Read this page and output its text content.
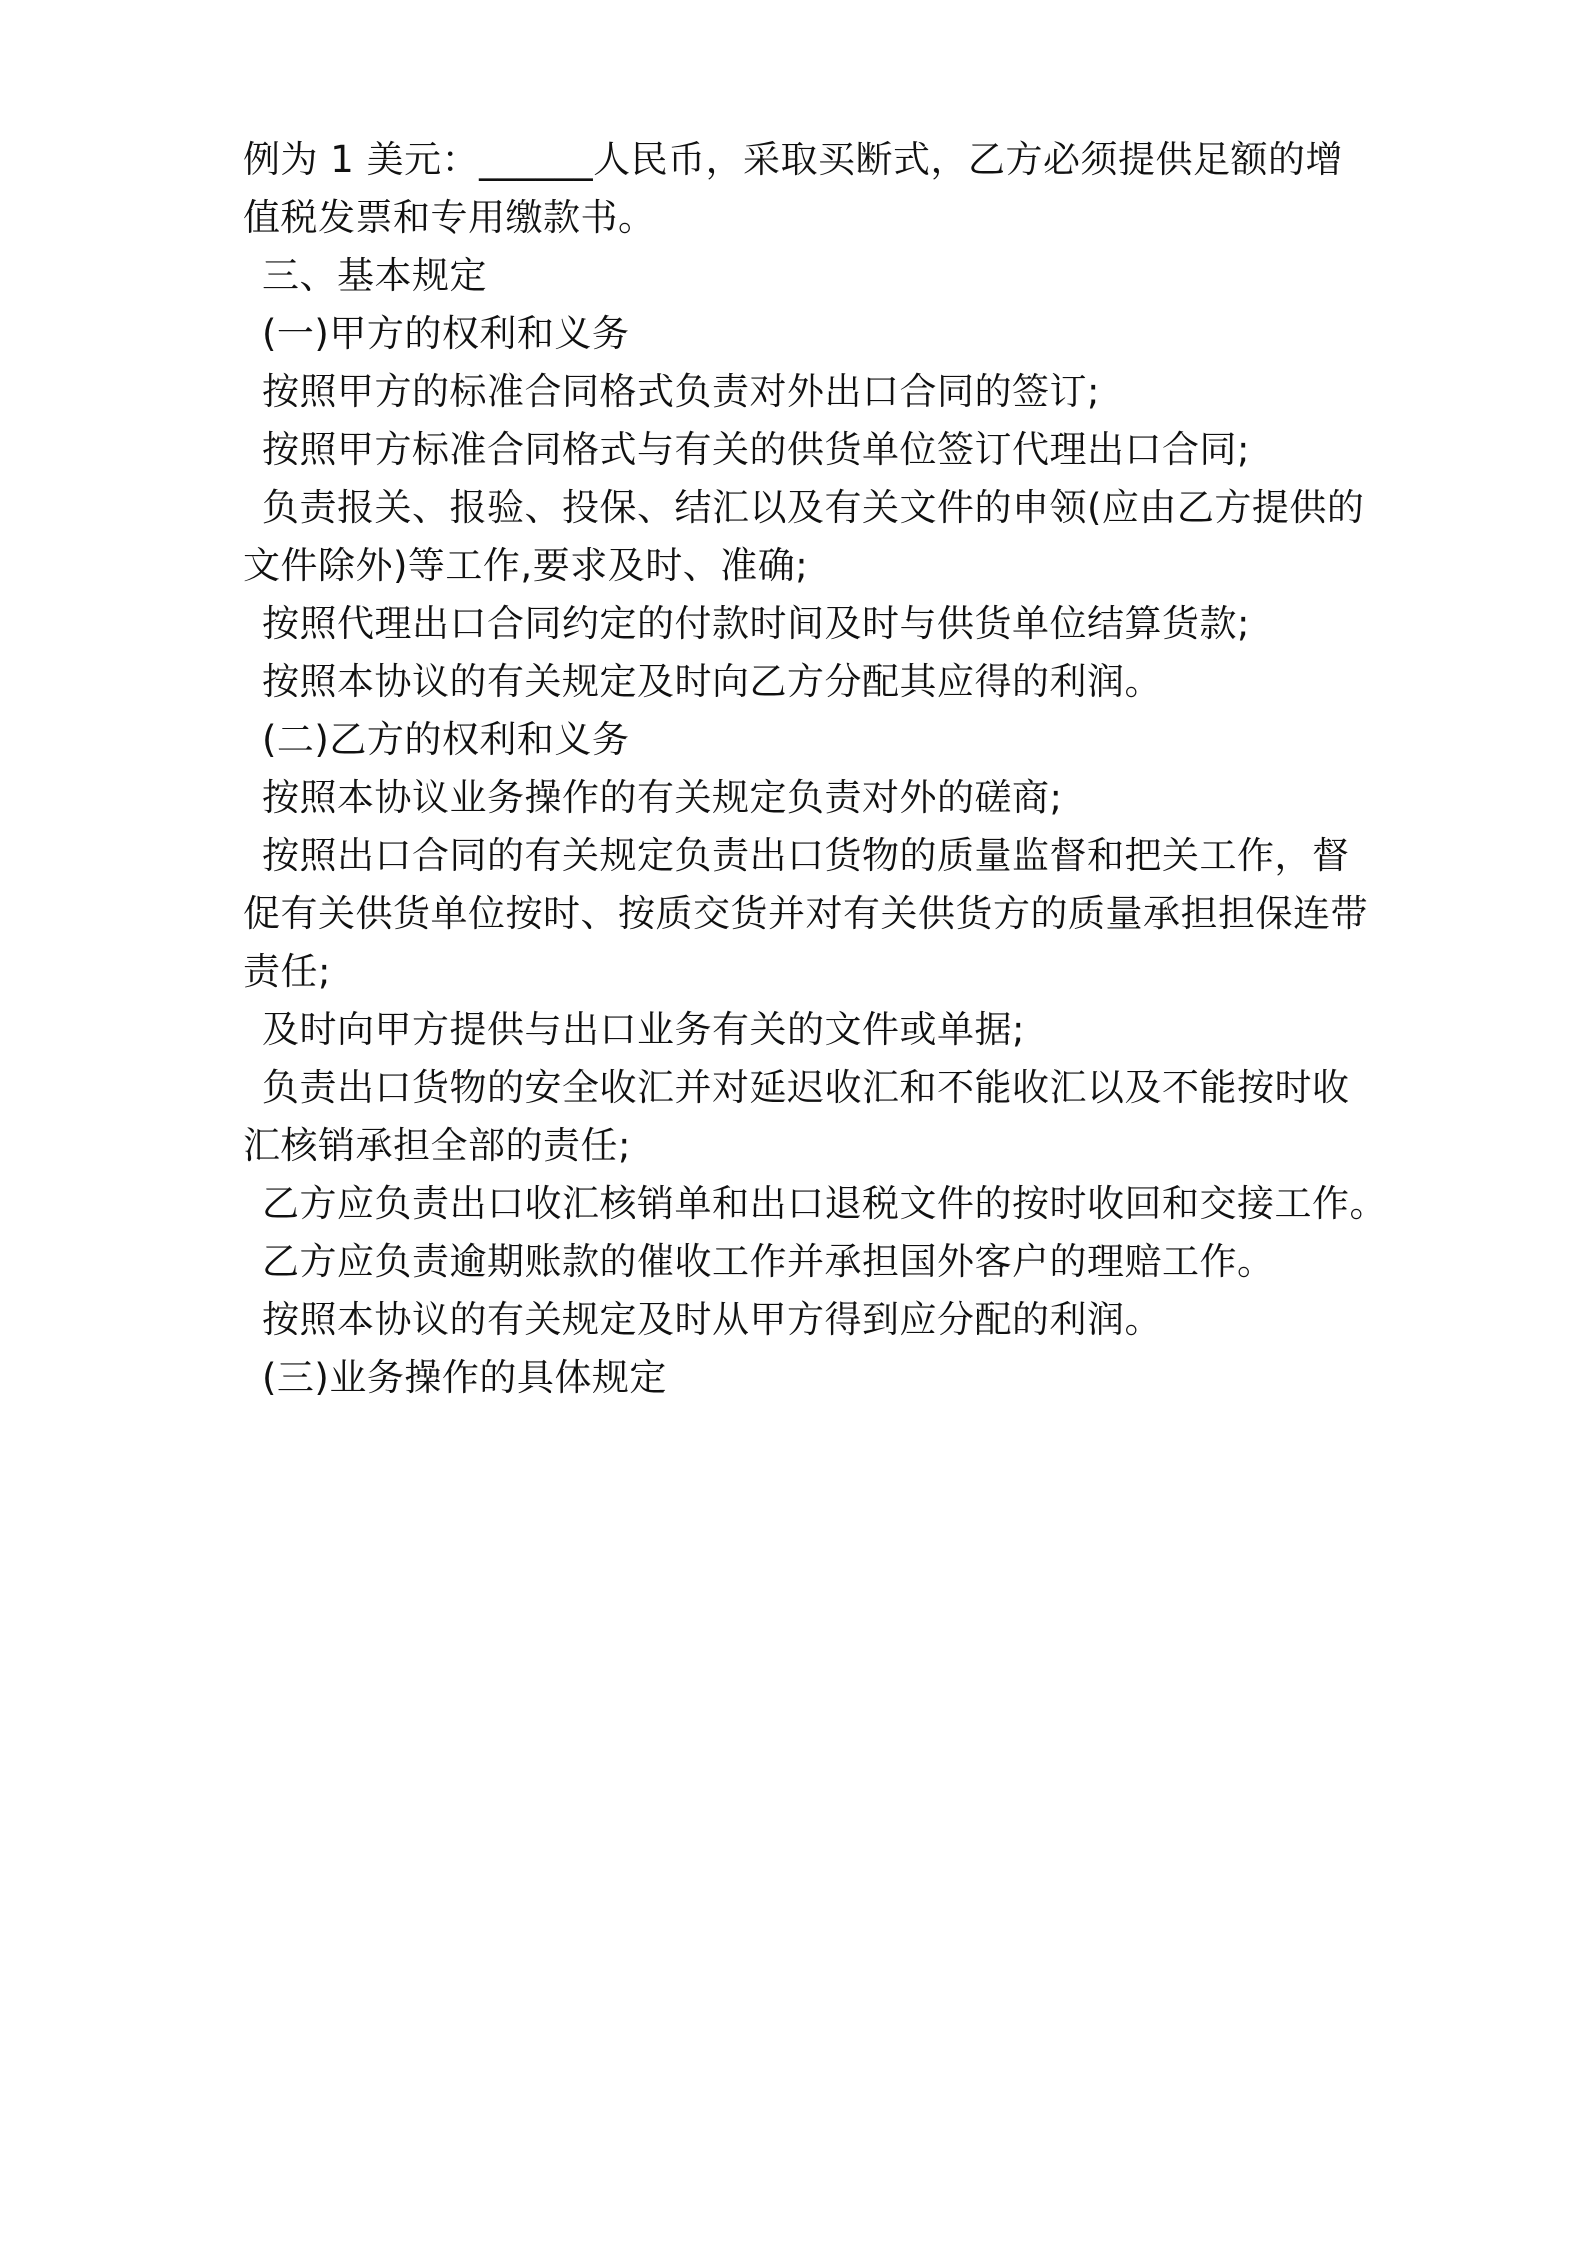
例为 1 美元：______人民币，采取买断式，乙方必须提供足额的增
值税发票和专用缴款书。
三、基本规定
(一)甲方的权利和义务
按照甲方的标准合同格式负责对外出口合同的签订;
按照甲方标准合同格式与有关的供货单位签订代理出口合同;
负责报关、报验、投保、结汇以及有关文件的申领(应由乙方提供的
文件除外)等工作,要求及时、准确;
按照代理出口合同约定的付款时间及时与供货单位结算货款;
按照本协议的有关规定及时向乙方分配其应得的利润。
(二)乙方的权利和义务
按照本协议业务操作的有关规定负责对外的磋商;
按照出口合同的有关规定负责出口货物的质量监督和把关工作，督
促有关供货单位按时、按质交货并对有关供货方的质量承担担保连带
责任;
及时向甲方提供与出口业务有关的文件或单据;
负责出口货物的安全收汇并对延迟收汇和不能收汇以及不能按时收
汇核销承担全部的责任;
乙方应负责出口收汇核销单和出口退税文件的按时收回和交接工作。
乙方应负责逾期账款的催收工作并承担国外客户的理赔工作。
按照本协议的有关规定及时从甲方得到应分配的利润。
(三)业务操作的具体规定
